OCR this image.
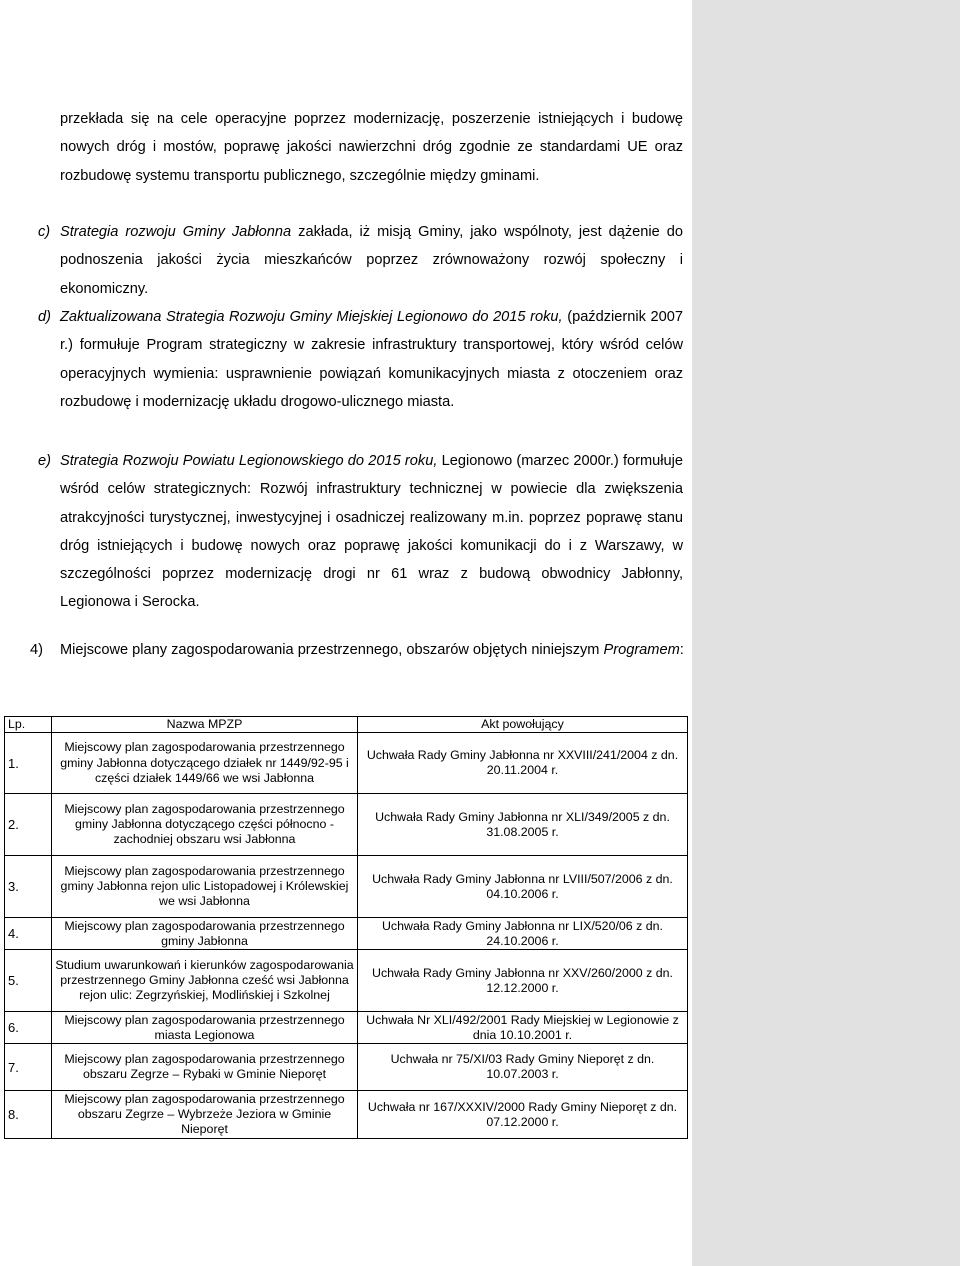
przekłada się na cele operacyjne poprzez modernizację, poszerzenie istniejących i budowę nowych dróg i mostów, poprawę jakości nawierzchni dróg zgodnie ze standardami UE oraz rozbudowę systemu transportu publicznego, szczególnie między gminami.
c) Strategia rozwoju Gminy Jabłonna zakłada, iż misją Gminy, jako wspólnoty, jest dążenie do podnoszenia jakości życia mieszkańców poprzez zrównoważony rozwój społeczny i ekonomiczny.
d) Zaktualizowana Strategia Rozwoju Gminy Miejskiej Legionowo do 2015 roku, (październik 2007 r.) formułuje Program strategiczny w zakresie infrastruktury transportowej, który wśród celów operacyjnych wymienia: usprawnienie powiązań komunikacyjnych miasta z otoczeniem oraz rozbudowę i modernizację układu drogowo-ulicznego miasta.
e) Strategia Rozwoju Powiatu Legionowskiego do 2015 roku, Legionowo (marzec 2000r.) formułuje wśród celów strategicznych: Rozwój infrastruktury technicznej w powiecie dla zwiększenia atrakcyjności turystycznej, inwestycyjnej i osadniczej realizowany m.in. poprzez poprawę stanu dróg istniejących i budowę nowych oraz poprawę jakości komunikacji do i z Warszawy, w szczególności poprzez modernizację drogi nr 61 wraz z budową obwodnicy Jabłonny, Legionowa i Serocka.
4) Miejscowe plany zagospodarowania przestrzennego, obszarów objętych niniejszym Programem:
Lp.	Nazwa MPZP	Akt powołujący
1.	Miejscowy plan zagospodarowania przestrzennego gminy Jabłonna dotyczącego działek nr 1449/92-95 i części działek 1449/66 we wsi Jabłonna	Uchwała Rady Gminy Jabłonna nr XXVIII/241/2004 z dn. 20.11.2004 r.
2.	Miejscowy plan zagospodarowania przestrzennego gminy Jabłonna dotyczącego części północno - zachodniej obszaru wsi Jabłonna	Uchwała Rady Gminy Jabłonna nr XLI/349/2005 z dn. 31.08.2005 r.
3.	Miejscowy plan zagospodarowania przestrzennego gminy Jabłonna rejon ulic Listopadowej i Królewskiej we wsi Jabłonna	Uchwała Rady Gminy Jabłonna nr LVIII/507/2006 z dn. 04.10.2006 r.
4.	Miejscowy plan zagospodarowania przestrzennego gminy Jabłonna	Uchwała Rady Gminy Jabłonna nr LIX/520/06 z dn. 24.10.2006 r.
5.	Studium uwarunkowań i kierunków zagospodarowania przestrzennego Gminy Jabłonna cześć wsi Jabłonna rejon ulic: Zegrzyńskiej, Modlińskiej i Szkolnej	Uchwała Rady Gminy Jabłonna nr XXV/260/2000 z dn. 12.12.2000 r.
6.	Miejscowy plan zagospodarowania przestrzennego miasta Legionowa	Uchwała Nr XLI/492/2001 Rady Miejskiej w Legionowie z dnia 10.10.2001 r.
7.	Miejscowy plan zagospodarowania przestrzennego obszaru Zegrze – Rybaki w Gminie Nieporęt	Uchwała nr 75/XI/03 Rady Gminy Nieporęt z dn. 10.07.2003 r.
8.	Miejscowy plan zagospodarowania przestrzennego obszaru Zegrze – Wybrzeże Jeziora w Gminie Nieporęt	Uchwała nr 167/XXXIV/2000 Rady Gminy Nieporęt z dn. 07.12.2000 r.
